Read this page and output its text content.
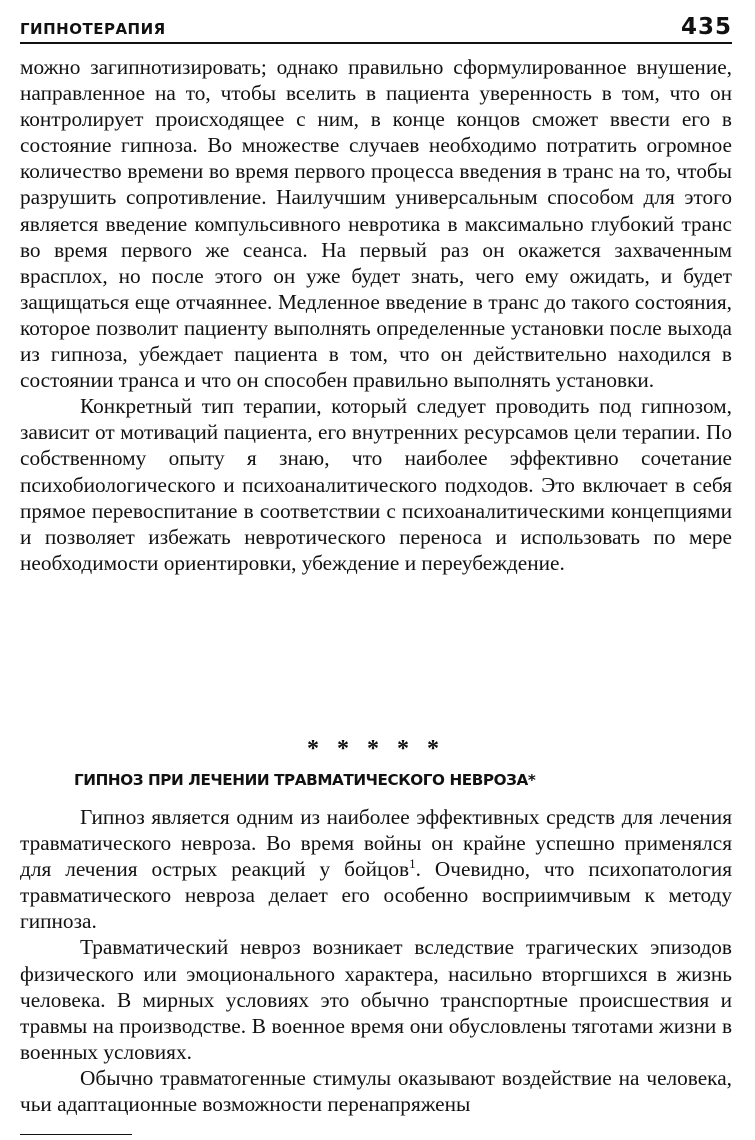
ГИПНОТЕРАПИЯ	435

можно загипнотизировать; однако правильно сформулированное внушение, направленное на то, чтобы вселить в пациента уверенность в том, что он контролирует происходящее с ним, в конце концов сможет ввести его в состояние гипноза. Во множестве случаев необходимо потратить огромное количество времени во время первого процесса введения в транс на то, чтобы разрушить сопротивление. Наилучшим универсальным способом для этого является введение компульсивного невротика в максимально глубокий транс во время первого же сеанса. На первый раз он окажется захваченным врасплох, но после этого он уже будет знать, чего ему ожидать, и будет защищаться еще отчаяннее. Медленное введение в транс до такого состояния, которое позволит пациенту выполнять определенные установки после выхода из гипноза, убеждает пациента в том, что он действительно находился в состоянии транса и что он способен правильно выполнять установки.

Конкретный тип терапии, который следует проводить под гипнозом, зависит от мотиваций пациента, его внутренних ресурсамов цели терапии. По собственному опыту я знаю, что наиболее эффективно сочетание психобиологического и психоаналитического подходов. Это включает в себя прямое перевоспитание в соответствии с психоаналитическими концепциями и позволяет избежать невротического переноса и использовать по мере необходимости ориентировки, убеждение и переубеждение.

* * * * *
ГИПНОЗ ПРИ ЛЕЧЕНИИ ТРАВМАТИЧЕСКОГО НЕВРОЗА*

Гипноз является одним из наиболее эффективных средств для лечения травматического невроза. Во время войны он крайне успешно применялся для лечения острых реакций у бойцов$^1$. Очевидно, что психопатология травматического невроза делает его особенно восприимчивым к методу гипноза.

Травматический невроз возникает вследствие трагических эпизодов физического или эмоционального характера, насильно вторгшихся в жизнь человека. В мирных условиях это обычно транспортные происшествия и травмы на производстве. В военное время они обусловлены тяготами жизни в военных условиях.

Обычно травматогенные стимулы оказывают воздействие на человека, чьи адаптационные возможности перенапряжены
